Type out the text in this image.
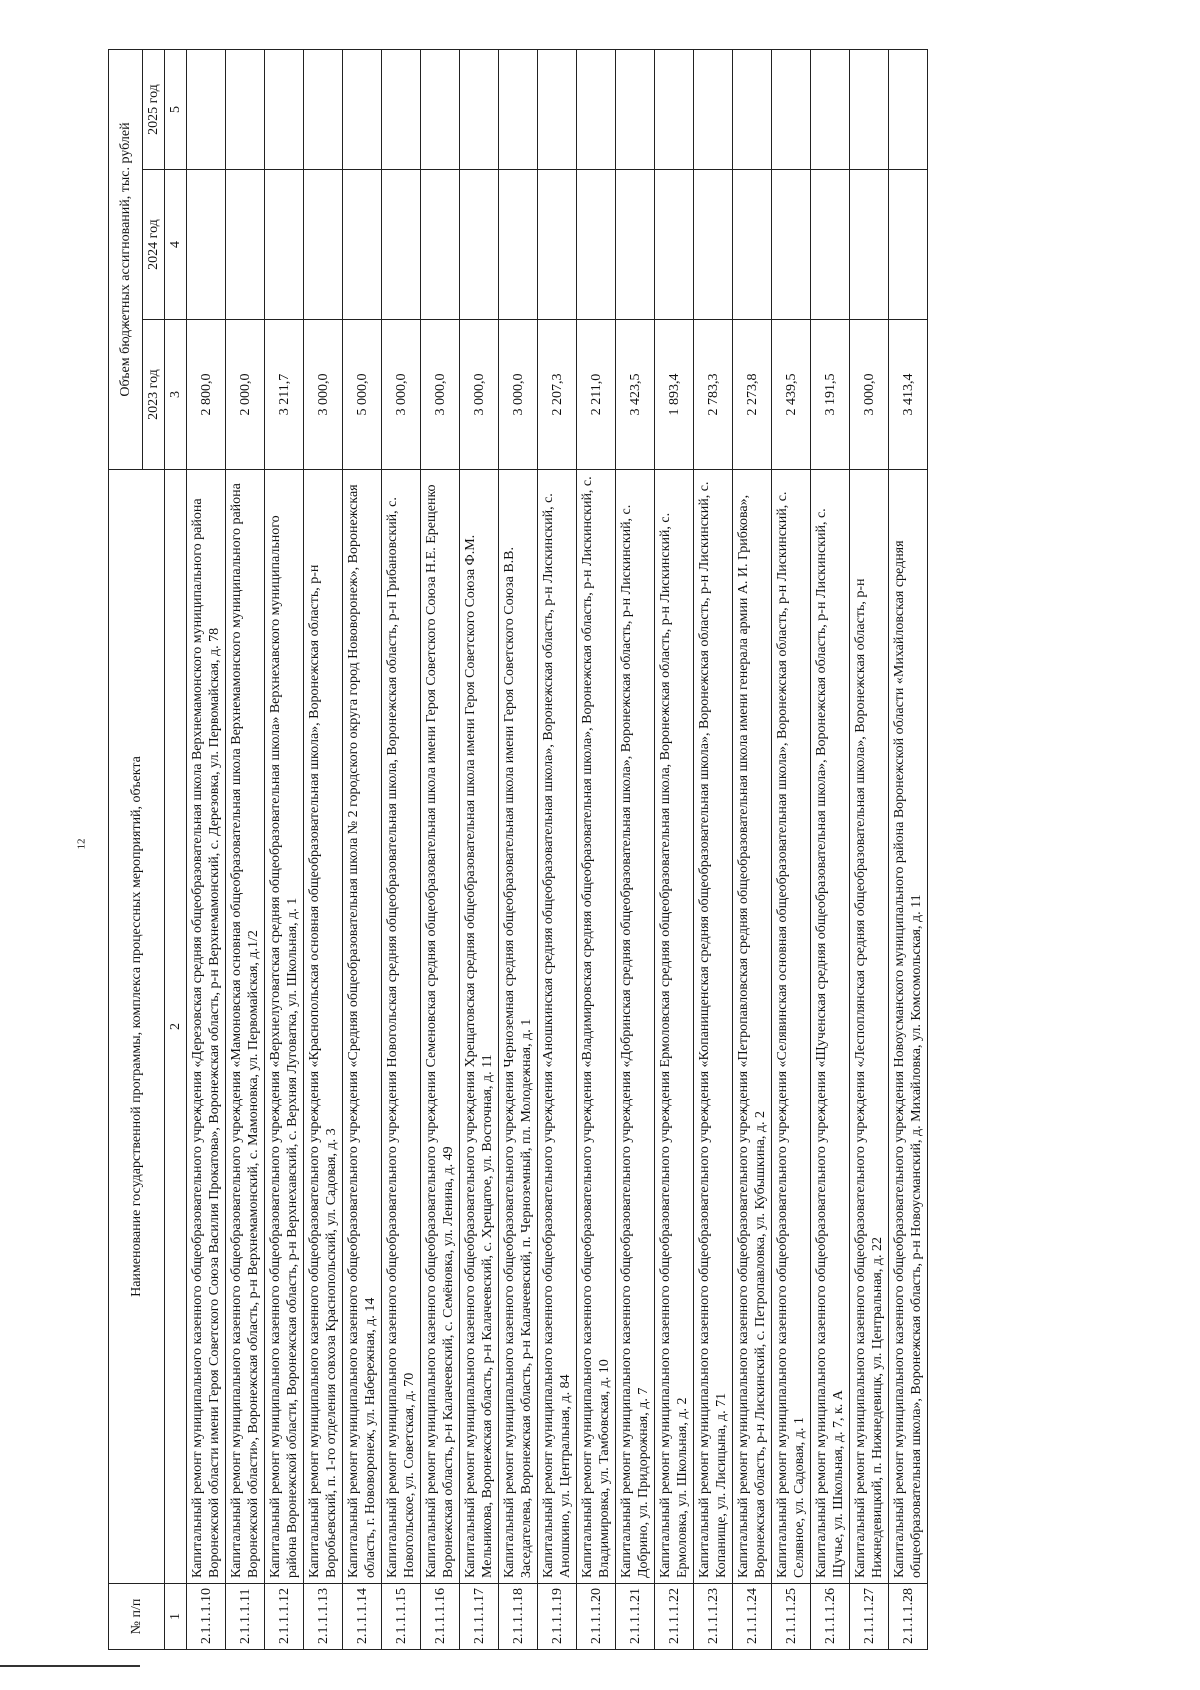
12
№ п/п	Наименование государственной программы, комплекса процессных мероприятий, объекта	Объем бюджетных ассигнований, тыс. рублей		
		2023 год	2024 год	2025 год
1	2	3	4	5
2.1.1.1.10	Капитальный ремонт муниципального казенного общеобразовательного учреждения «Дерезовская средняя общеобразовательная школа Верхнемамонского муниципального района Воронежской области имени Героя Советского Союза Василия Прокатова», Воронежская область, р-н Верхнемамонский, с. Дерезовка, ул. Первомайская, д. 78	2 800,0		
2.1.1.1.11	Капитальный ремонт муниципального казенного общеобразовательного учреждения «Мамоновская основная общеобразовательная школа Верхнемамонского муниципального района Воронежской области», Воронежская область, р-н Верхнемамонский, с. Мамоновка, ул. Первомайская, д.1/2	2 000,0		
2.1.1.1.12	Капитальный ремонт муниципального казенного общеобразовательного учреждения «Верхнелуговатская средняя общеобразовательная школа» Верхнехавского муниципального района Воронежской области, Воронежская область, р-н Верхнехавский, с. Верхняя Луговатка, ул. Школьная, д. 1	3 211,7		
2.1.1.1.13	Капитальный ремонт муниципального казенного общеобразовательного учреждения «Краснопольская основная общеобразовательная школа», Воронежская область, р-н Воробьевский, п. 1-го отделения совхоза Краснопольский, ул. Садовая, д. 3	3 000,0		
2.1.1.1.14	Капитальный ремонт муниципального казенного общеобразовательного учреждения «Средняя общеобразовательная школа № 2 городского округа город Нововоронеж», Воронежская область, г. Нововоронеж, ул. Набережная, д. 14	5 000,0		
2.1.1.1.15	Капитальный ремонт муниципального казенного общеобразовательного учреждения Новогольская средняя общеобразовательная школа, Воронежская область, р-н Грибановский, с. Новогольское, ул. Советская, д. 70	3 000,0		
2.1.1.1.16	Капитальный ремонт муниципального казенного общеобразовательного учреждения Семеновская средняя общеобразовательная школа имени Героя Советского Союза Н.Е. Ерещенко Воронежская область, р-н Калачеевский, с. Семёновка, ул. Ленина, д. 49	3 000,0		
2.1.1.1.17	Капитальный ремонт муниципального казенного общеобразовательного учреждения Хрещатовская средняя общеобразовательная школа имени Героя Советского Союза Ф.М. Мельникова, Воронежская область, р-н Калачеевский, с. Хрещатое, ул. Восточная, д. 11	3 000,0		
2.1.1.1.18	Капитальный ремонт муниципального казенного общеобразовательного учреждения Черноземная средняя общеобразовательная школа имени Героя Советского Союза В.В. Заседателева, Воронежская область, р-н Калачеевский, п. Черноземный, пл. Молодежная, д. 1	3 000,0		
2.1.1.1.19	Капитальный ремонт муниципального казенного общеобразовательного учреждения «Аношкинская средняя общеобразовательная школа», Воронежская область, р-н Лискинский, с. Аношкино, ул. Центральная, д. 84	2 207,3		
2.1.1.1.20	Капитальный ремонт муниципального казенного общеобразовательного учреждения «Владимировская средняя общеобразовательная школа», Воронежская область, р-н Лискинский, с. Владимировка, ул. Тамбовская, д. 10	2 211,0		
2.1.1.1.21	Капитальный ремонт муниципального казенного общеобразовательного учреждения «Добринская средняя общеобразовательная школа», Воронежская область, р-н Лискинский, с. Добрино, ул. Придорожная, д. 7	3 423,5		
2.1.1.1.22	Капитальный ремонт муниципального казенного общеобразовательного учреждения Ермоловская средняя общеобразовательная школа, Воронежская область, р-н Лискинский, с. Ермоловка, ул. Школьная, д. 2	1 893,4		
2.1.1.1.23	Капитальный ремонт муниципального казенного общеобразовательного учреждения «Копанищенская средняя общеобразовательная школа», Воронежская область, р-н Лискинский, с. Копанище, ул. Лисицына, д. 71	2 783,3		
2.1.1.1.24	Капитальный ремонт муниципального казенного общеобразовательного учреждения «Петропавловская средняя общеобразовательная школа имени генерала армии А. И. Грибкова», Воронежская область, р-н Лискинский, с. Петропавловка, ул. Кубышкина, д. 2	2 273,8		
2.1.1.1.25	Капитальный ремонт муниципального казенного общеобразовательного учреждения «Селявинская основная общеобразовательная школа», Воронежская область, р-н Лискинский, с. Селявное, ул. Садовая, д. 1	2 439,5		
2.1.1.1.26	Капитальный ремонт муниципального казенного общеобразовательного учреждения «Щученская средняя общеобразовательная школа», Воронежская область, р-н Лискинский, с. Щучье, ул. Школьная, д. 7, к. А	3 191,5		
2.1.1.1.27	Капитальный ремонт муниципального казенного общеобразовательного учреждения «Леспоплянская средняя общеобразовательная школа», Воронежская область, р-н Нижнедевицкий, п. Нижнедевицк, ул. Центральная, д. 22	3 000,0		
2.1.1.1.28	Капитальный ремонт муниципального казенного общеобразовательного учреждения Новоусманского муниципального района Воронежской области «Михайловская средняя общеобразовательная школа», Воронежская область, р-н Новоусманский, д. Михайловка, ул. Комсомольская, д. 11	3 413,4		
